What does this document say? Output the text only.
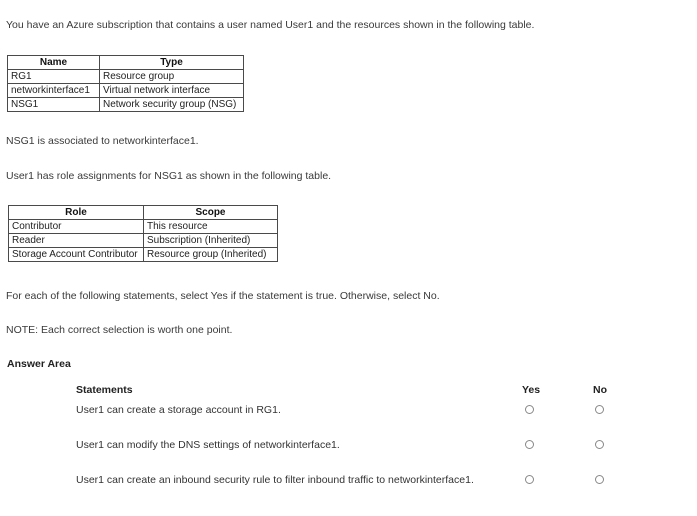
You have an Azure subscription that contains a user named User1 and the resources shown in the following table.
Name	Type
RG1	Resource group
networkinterface1	Virtual network interface
NSG1	Network security group (NSG)
NSG1 is associated to networkinterface1.
User1 has role assignments for NSG1 as shown in the following table.
Role	Scope
Contributor	This resource
Reader	Subscription (Inherited)
Storage Account Contributor	Resource group (Inherited)
For each of the following statements, select Yes if the statement is true. Otherwise, select No.
NOTE: Each correct selection is worth one point.
Answer Area
Statements	Yes	No
User1 can create a storage account in RG1.
User1 can modify the DNS settings of networkinterface1.
User1 can create an inbound security rule to filter inbound traffic to networkinterface1.
